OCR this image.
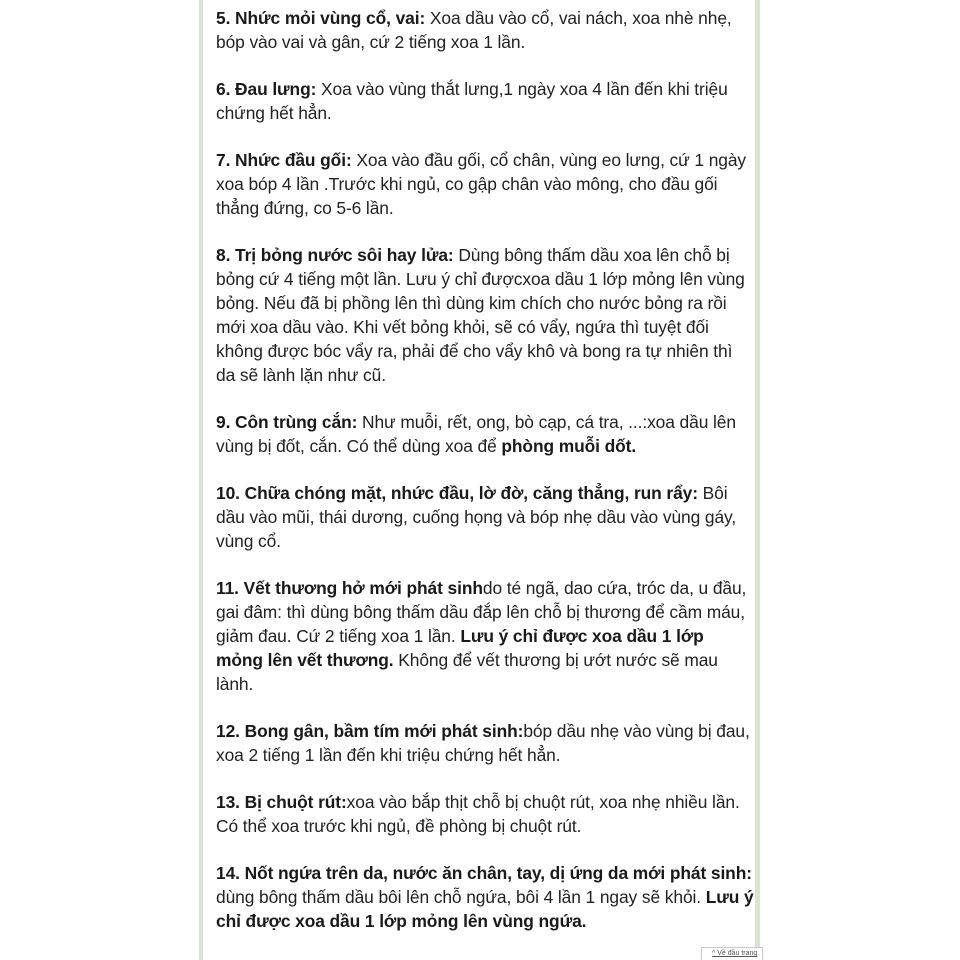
5. Nhức mỏi vùng cổ, vai: Xoa dầu vào cổ, vai nách, xoa nhè nhẹ, bóp vào vai và gân, cứ 2 tiếng xoa 1 lần.

6. Đau lưng: Xoa vào vùng thắt lưng,1 ngày xoa 4 lần đến khi triệu chứng hết hẳn.

7. Nhức đầu gối: Xoa vào đầu gối, cổ chân, vùng eo lưng, cứ 1 ngày xoa bóp 4 lần .Trước khi ngủ, co gập chân vào mông, cho đầu gối thẳng đứng, co 5-6 lần.

8. Trị bỏng nước sôi hay lửa: Dùng bông thấm dầu xoa lên chỗ bị bỏng cứ 4 tiếng một lần. Lưu ý chỉ đượcxoa dầu 1 lớp mỏng lên vùng bỏng. Nếu đã bị phồng lên thì dùng kim chích cho nước bỏng ra rồi mới xoa dầu vào. Khi vết bỏng khỏi, sẽ có vẩy, ngứa thì tuyệt đối không được bóc vẩy ra, phải để cho vẩy khô và bong ra tự nhiên thì da sẽ lành lặn như cũ.

9. Côn trùng cắn: Như muỗi, rết, ong, bò cạp, cá tra, ...:xoa dầu lên vùng bị đốt, cắn. Có thể dùng xoa để phòng muỗi dốt.

10. Chữa chóng mặt, nhức đầu, lờ đờ, căng thẳng, run rẩy: Bôi dầu vào mũi, thái dương, cuống họng và bóp nhẹ dầu vào vùng gáy, vùng cổ.

11. Vết thương hở mới phát sinhdo té ngã, dao cứa, tróc da, u đầu, gai đâm: thì dùng bông thấm dầu đắp lên chỗ bị thương để cầm máu, giảm đau. Cứ 2 tiếng xoa 1 lần. Lưu ý chỉ được xoa dầu 1 lớp mỏng lên vết thương. Không để vết thương bị ướt nước sẽ mau lành.

12. Bong gân, bầm tím mới phát sinh:bóp dầu nhẹ vào vùng bị đau, xoa 2 tiếng 1 lần đến khi triệu chứng hết hẳn.

13. Bị chuột rút:xoa vào bắp thịt chỗ bị chuột rút, xoa nhẹ nhiều lần. Có thể xoa trước khi ngủ, đề phòng bị chuột rút.

14. Nốt ngứa trên da, nước ăn chân, tay, dị ứng da mới phát sinh: dùng bông thấm dầu bôi lên chỗ ngứa, bôi 4 lần 1 ngay sẽ khỏi. Lưu ý chỉ được xoa dầu 1 lớp mỏng lên vùng ngứa.

^ Về đầu trang
